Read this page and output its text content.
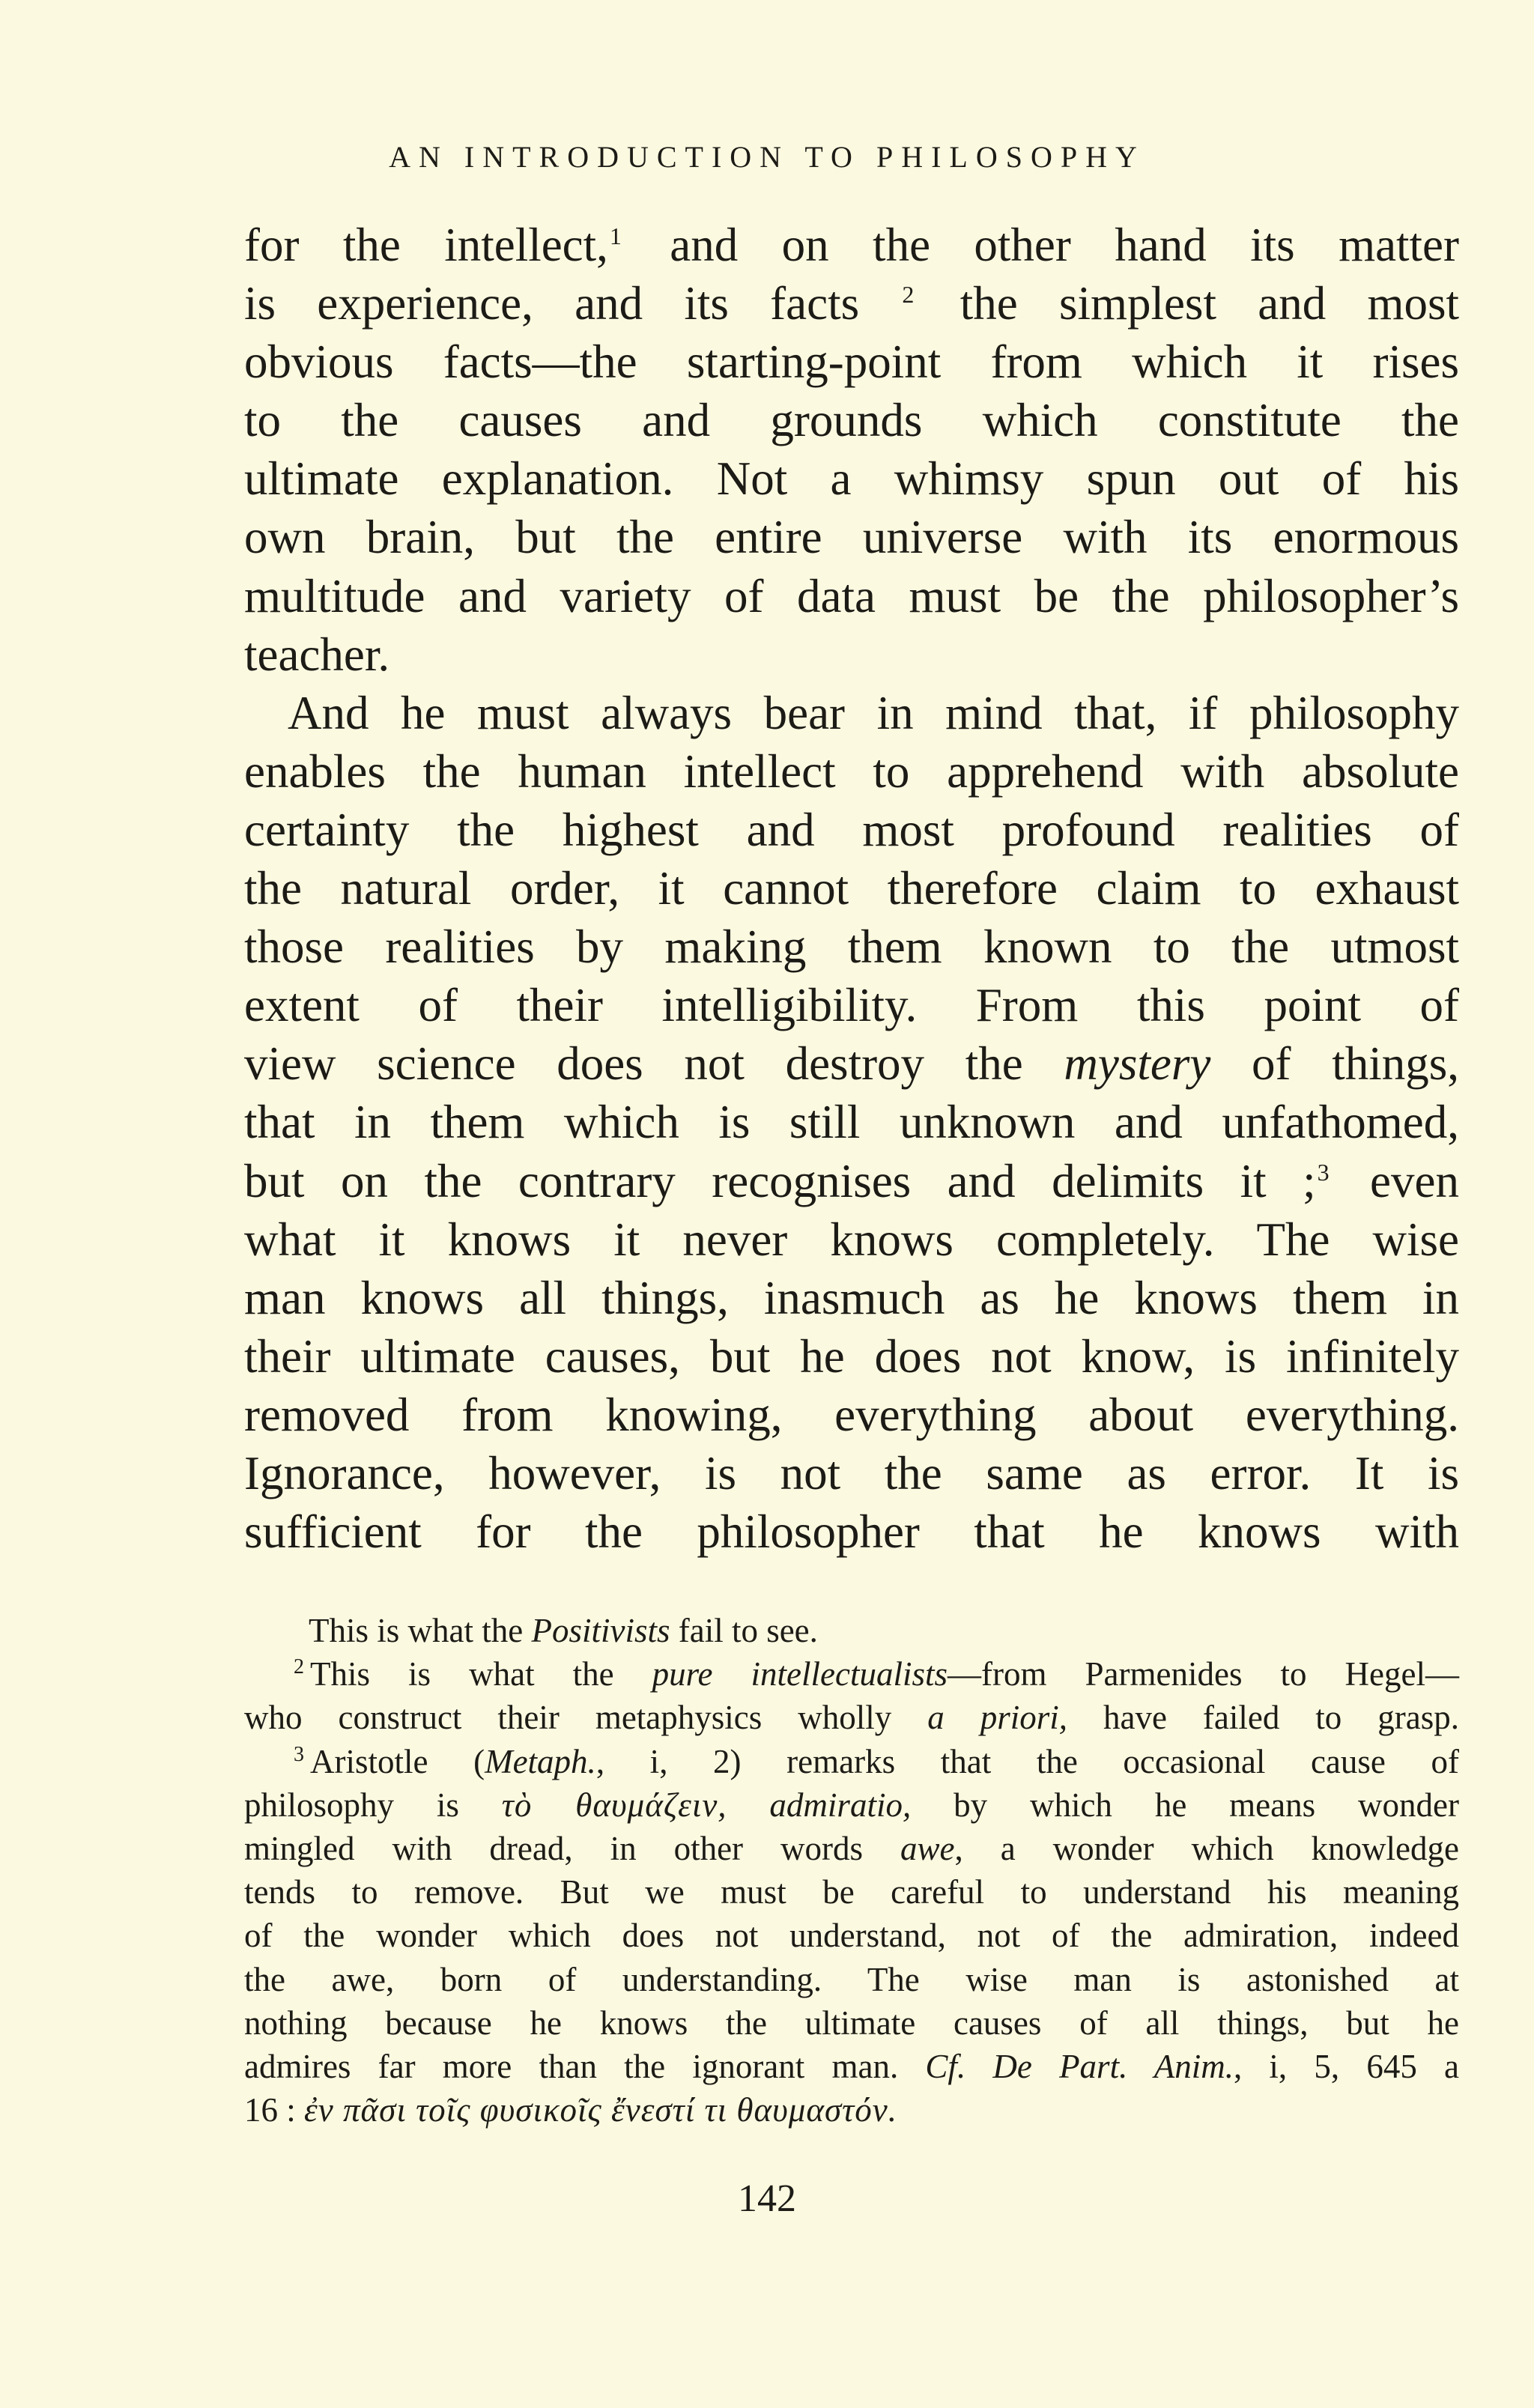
AN INTRODUCTION TO PHILOSOPHY

for the intellect,$^1$ and on the other hand its matter
is experience, and its facts $^2$ the simplest and most
obvious facts—the starting-point from which it rises
to the causes and grounds which constitute the
ultimate explanation. Not a whimsy spun out of his
own brain, but the entire universe with its enormous
multitude and variety of data must be the philosopher’s
teacher.

And he must always bear in mind that, if philosophy
enables the human intellect to apprehend with absolute
certainty the highest and most profound realities of
the natural order, it cannot therefore claim to exhaust
those realities by making them known to the utmost
extent of their intelligibility. From this point of
view science does not destroy the mystery of things,
that in them which is still unknown and unfathomed,
but on the contrary recognises and delimits it ;$^3$ even
what it knows it never knows completely. The wise
man knows all things, inasmuch as he knows them in
their ultimate causes, but he does not know, is infinitely
removed from knowing, everything about everything.
Ignorance, however, is not the same as error. It is
sufficient for the philosopher that he knows with

This is what the Positivists fail to see.
$^2$ This is what the pure intellectualists—from Parmenides to Hegel—
who construct their metaphysics wholly a priori, have failed to grasp.
$^3$ Aristotle (Metaph., i, 2) remarks that the occasional cause of
philosophy is τὸ θαυμάζειν, admiratio, by which he means wonder
mingled with dread, in other words awe, a wonder which knowledge
tends to remove. But we must be careful to understand his meaning
of the wonder which does not understand, not of the admiration, indeed
the awe, born of understanding. The wise man is astonished at
nothing because he knows the ultimate causes of all things, but he
admires far more than the ignorant man. Cf. De Part. Anim., i, 5, 645 a
16 : ἐν πᾶσι τοῖς φυσικοῖς ἔνεστί τι θαυμαστόν.
142
